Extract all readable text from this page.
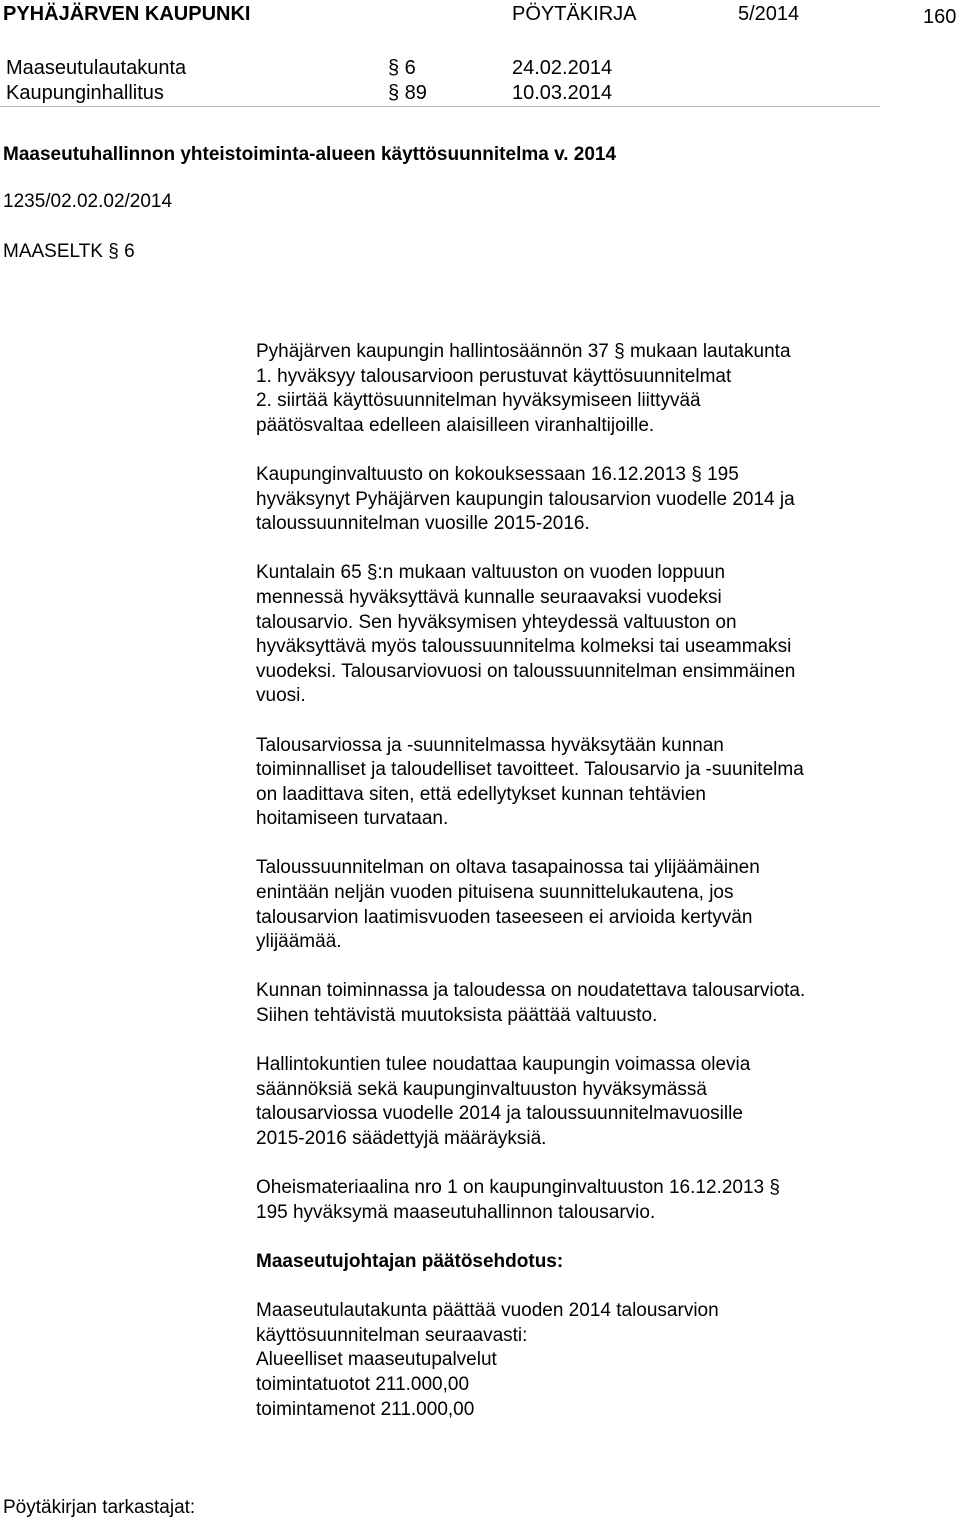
PYHÄJÄRVEN KAUPUNKI	PÖYTÄKIRJA	5/2014	160
Maaseutulautakunta	§ 6	24.02.2014
Kaupunginhallitus	§ 89	10.03.2014
Maaseutuhallinnon yhteistoiminta-alueen käyttösuunnitelma v. 2014
1235/02.02.02/2014
MAASELTK § 6
Pyhäjärven kaupungin hallintosäännön 37 § mukaan lautakunta
1. hyväksyy talousarvioon perustuvat käyttösuunnitelmat
2. siirtää käyttösuunnitelman hyväksymiseen liittyvää
päätösvaltaa edelleen alaisilleen viranhaltijoille.
Kaupunginvaltuusto on kokouksessaan 16.12.2013 § 195
hyväksynyt Pyhäjärven kaupungin talousarvion vuodelle 2014 ja
taloussuunnitelman vuosille 2015-2016.
Kuntalain 65 §:n mukaan valtuuston on vuoden loppuun
mennessä hyväksyttävä kunnalle seuraavaksi vuodeksi
talousarvio. Sen hyväksymisen yhteydessä valtuuston on
hyväksyttävä myös taloussuunnitelma kolmeksi tai useammaksi
vuodeksi. Talousarviovuosi on taloussuunnitelman ensimmäinen
vuosi.
Talousarviossa ja -suunnitelmassa hyväksytään kunnan
toiminnalliset ja taloudelliset tavoitteet. Talousarvio ja -suunitelma
on laadittava siten, että edellytykset kunnan tehtävien
hoitamiseen turvataan.
Taloussuunnitelman on oltava tasapainossa tai ylijäämäinen
enintään neljän vuoden pituisena suunnittelukautena, jos
talousarvion laatimisvuoden taseeseen ei arvioida kertyvän
ylijäämää.
Kunnan toiminnassa ja taloudessa on noudatettava talousarviota.
Siihen tehtävistä muutoksista päättää valtuusto.
Hallintokuntien tulee noudattaa kaupungin voimassa olevia
säännöksiä sekä kaupunginvaltuuston hyväksymässä
talousarviossa vuodelle 2014 ja taloussuunnitelmavuosille
2015-2016 säädettyjä määräyksiä.
Oheismateriaalina nro 1 on kaupunginvaltuuston 16.12.2013 §
195 hyväksymä maaseutuhallinnon talousarvio.
Maaseutujohtajan päätösehdotus:
Maaseutulautakunta päättää vuoden 2014 talousarvion
käyttösuunnitelman seuraavasti:
Alueelliset maaseutupalvelut
toimintatuotot 211.000,00
toimintamenot 211.000,00
Pöytäkirjan tarkastajat:
